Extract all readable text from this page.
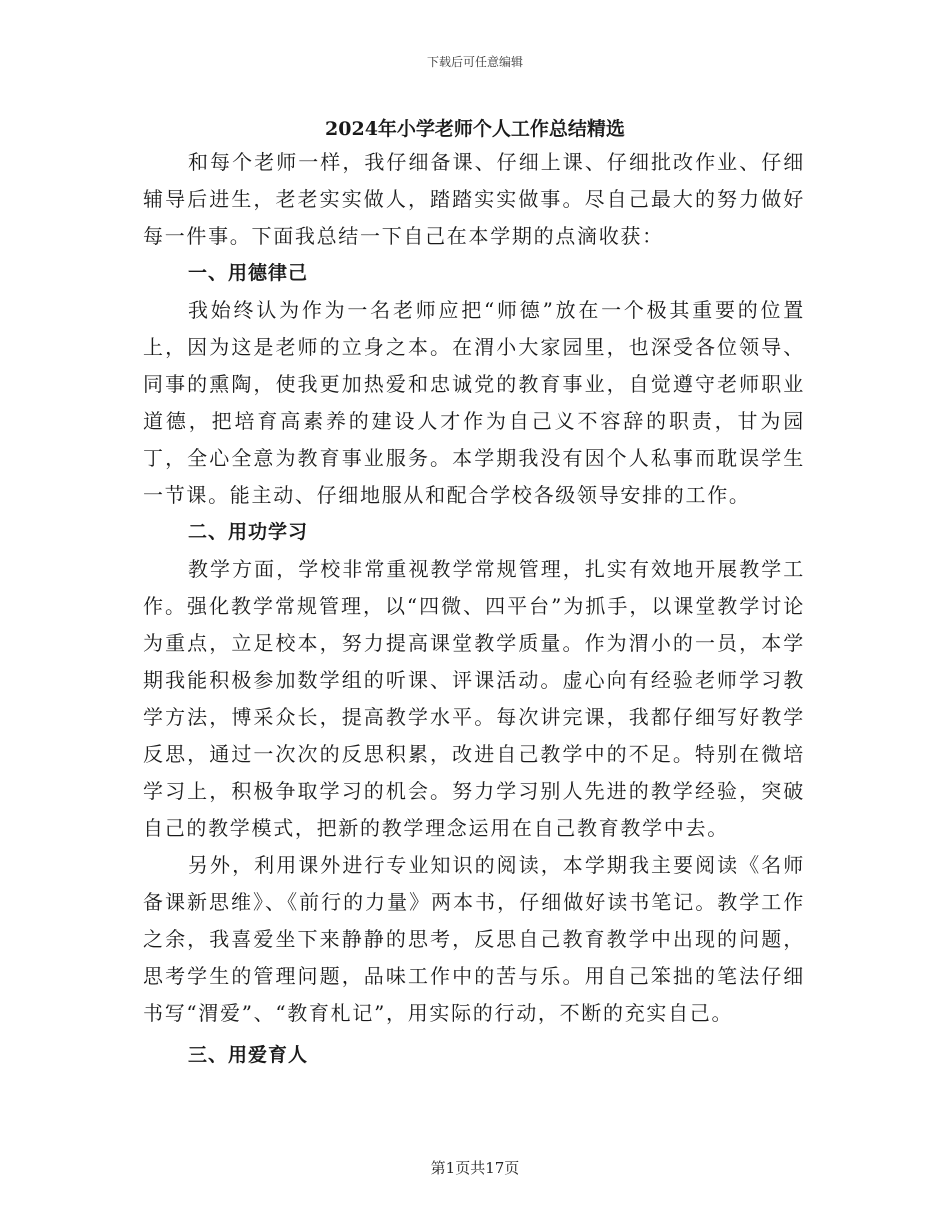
下载后可任意编辑
2024年小学老师个人工作总结精选

和每个老师一样，我仔细备课、仔细上课、仔细批改作业、仔细辅导后进生，老老实实做人，踏踏实实做事。尽自己最大的努力做好每一件事。下面我总结一下自己在本学期的点滴收获：

一、用德律己

我始终认为作为一名老师应把“师德”放在一个极其重要的位置上，因为这是老师的立身之本。在渭小大家园里，也深受各位领导、同事的熏陶，使我更加热爱和忠诚党的教育事业，自觉遵守老师职业道德，把培育高素养的建设人才作为自己义不容辞的职责，甘为园丁，全心全意为教育事业服务。本学期我没有因个人私事而耽误学生一节课。能主动、仔细地服从和配合学校各级领导安排的工作。

二、用功学习

教学方面，学校非常重视教学常规管理，扎实有效地开展教学工作。强化教学常规管理，以“四微、四平台”为抓手，以课堂教学讨论为重点，立足校本，努力提高课堂教学质量。作为渭小的一员，本学期我能积极参加数学组的听课、评课活动。虚心向有经验老师学习教学方法，博采众长，提高教学水平。每次讲完课，我都仔细写好教学反思，通过一次次的反思积累，改进自己教学中的不足。特别在微培学习上，积极争取学习的机会。努力学习别人先进的教学经验，突破自己的教学模式，把新的教学理念运用在自己教育教学中去。

另外，利用课外进行专业知识的阅读，本学期我主要阅读《名师备课新思维》、《前行的力量》两本书，仔细做好读书笔记。教学工作之余，我喜爱坐下来静静的思考，反思自己教育教学中出现的问题，思考学生的管理问题，品味工作中的苦与乐。用自己笨拙的笔法仔细书写“渭爱”、“教育札记”，用实际的行动，不断的充实自己。

三、用爱育人

第1页共17页
